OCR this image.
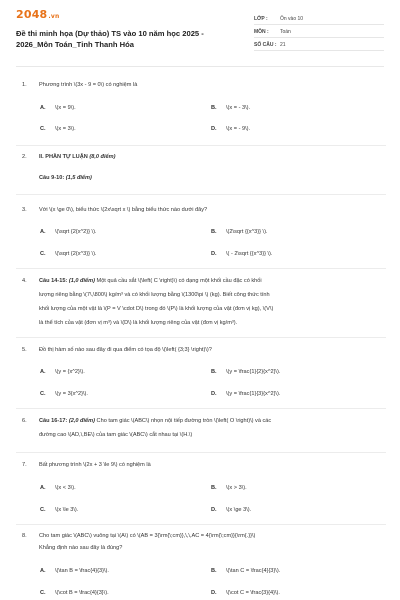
2048.vn
Đề thi minh họa (Dự thảo) TS vào 10 năm học 2025 -
2026_Môn Toán_Tỉnh Thanh Hóa
LỚP :	Ôn vào 10
MÔN :	Toán
SỐ CÂU : 21
1. Phương trình \(3x - 9 = 0\) có nghiệm là
A. \(x = 9\).	B. \(x = - 3\).
C. \(x = 3\).	D. \(x = - 9\).
2. II. PHẦN TỰ LUẬN (8,0 điểm)
Câu 9-10: (1,5 điểm)
3. Với \(x \ge 0\), biểu thức \(2x\sqrt x \) bằng biểu thức nào dưới đây?
A. \(\sqrt {2{x^2}} \).	B. \(2\sqrt {{x^3}} \).
C. \(\sqrt {2{x^3}} \).	D. \( - 2\sqrt {{x^3}} \).
4. Câu 14-15: (1,0 điểm) Một quả cầu sắt \(\left( C \right)\) có dạng một khối cầu đặc có khối
lượng riêng bằng \(7\,\800\) kg/m³ và có khối lượng bằng \(1300\pi \) (kg). Biết công thức tính
khối lượng của một vật là \(P = V \cdot D\) trong đó \(P\) là khối lượng của vật (đơn vị kg), \(V\)
là thể tích của vật (đơn vị m³) và \(D\) là khối lượng riêng của vật (đơn vị kg/m³).
5. Đồ thị hàm số nào sau đây đi qua điểm có tọa độ \(\left( {3;3} \right)\)?
A. \(y = {x^2}\).	B. \(y = \frac{1}{2}{x^2}\).
C. \(y = 3{x^2}\).	D. \(y = \frac{1}{3}{x^2}\).
6. Câu 16-17: (2,0 điểm) Cho tam giác \(ABC\) nhọn nội tiếp đường tròn \(\left( O \right)\) và các
đường cao \(AD,\,BE\) của tam giác \(ABC\) cắt nhau tại \(H.\)
7. Bất phương trình \(2x + 3 \le 9\) có nghiệm là
A. \(x < 3\).	B. \(x > 3\).
C. \(x \le 3\).	D. \(x \ge 3\).
8. Cho tam giác \(ABC\) vuông tại \(A\) có \(AB = 3{\rm{\;cm}},\,\,AC = 4{\rm{\;cm}}{\rm{.}}\)
Khẳng định nào sau đây là đúng?
A. \(\tan B = \frac{4}{3}\).	B. \(\tan C = \frac{4}{3}\).
C. \(\cot B = \frac{4}{3}\).	D. \(\cot C = \frac{3}{4}\).
